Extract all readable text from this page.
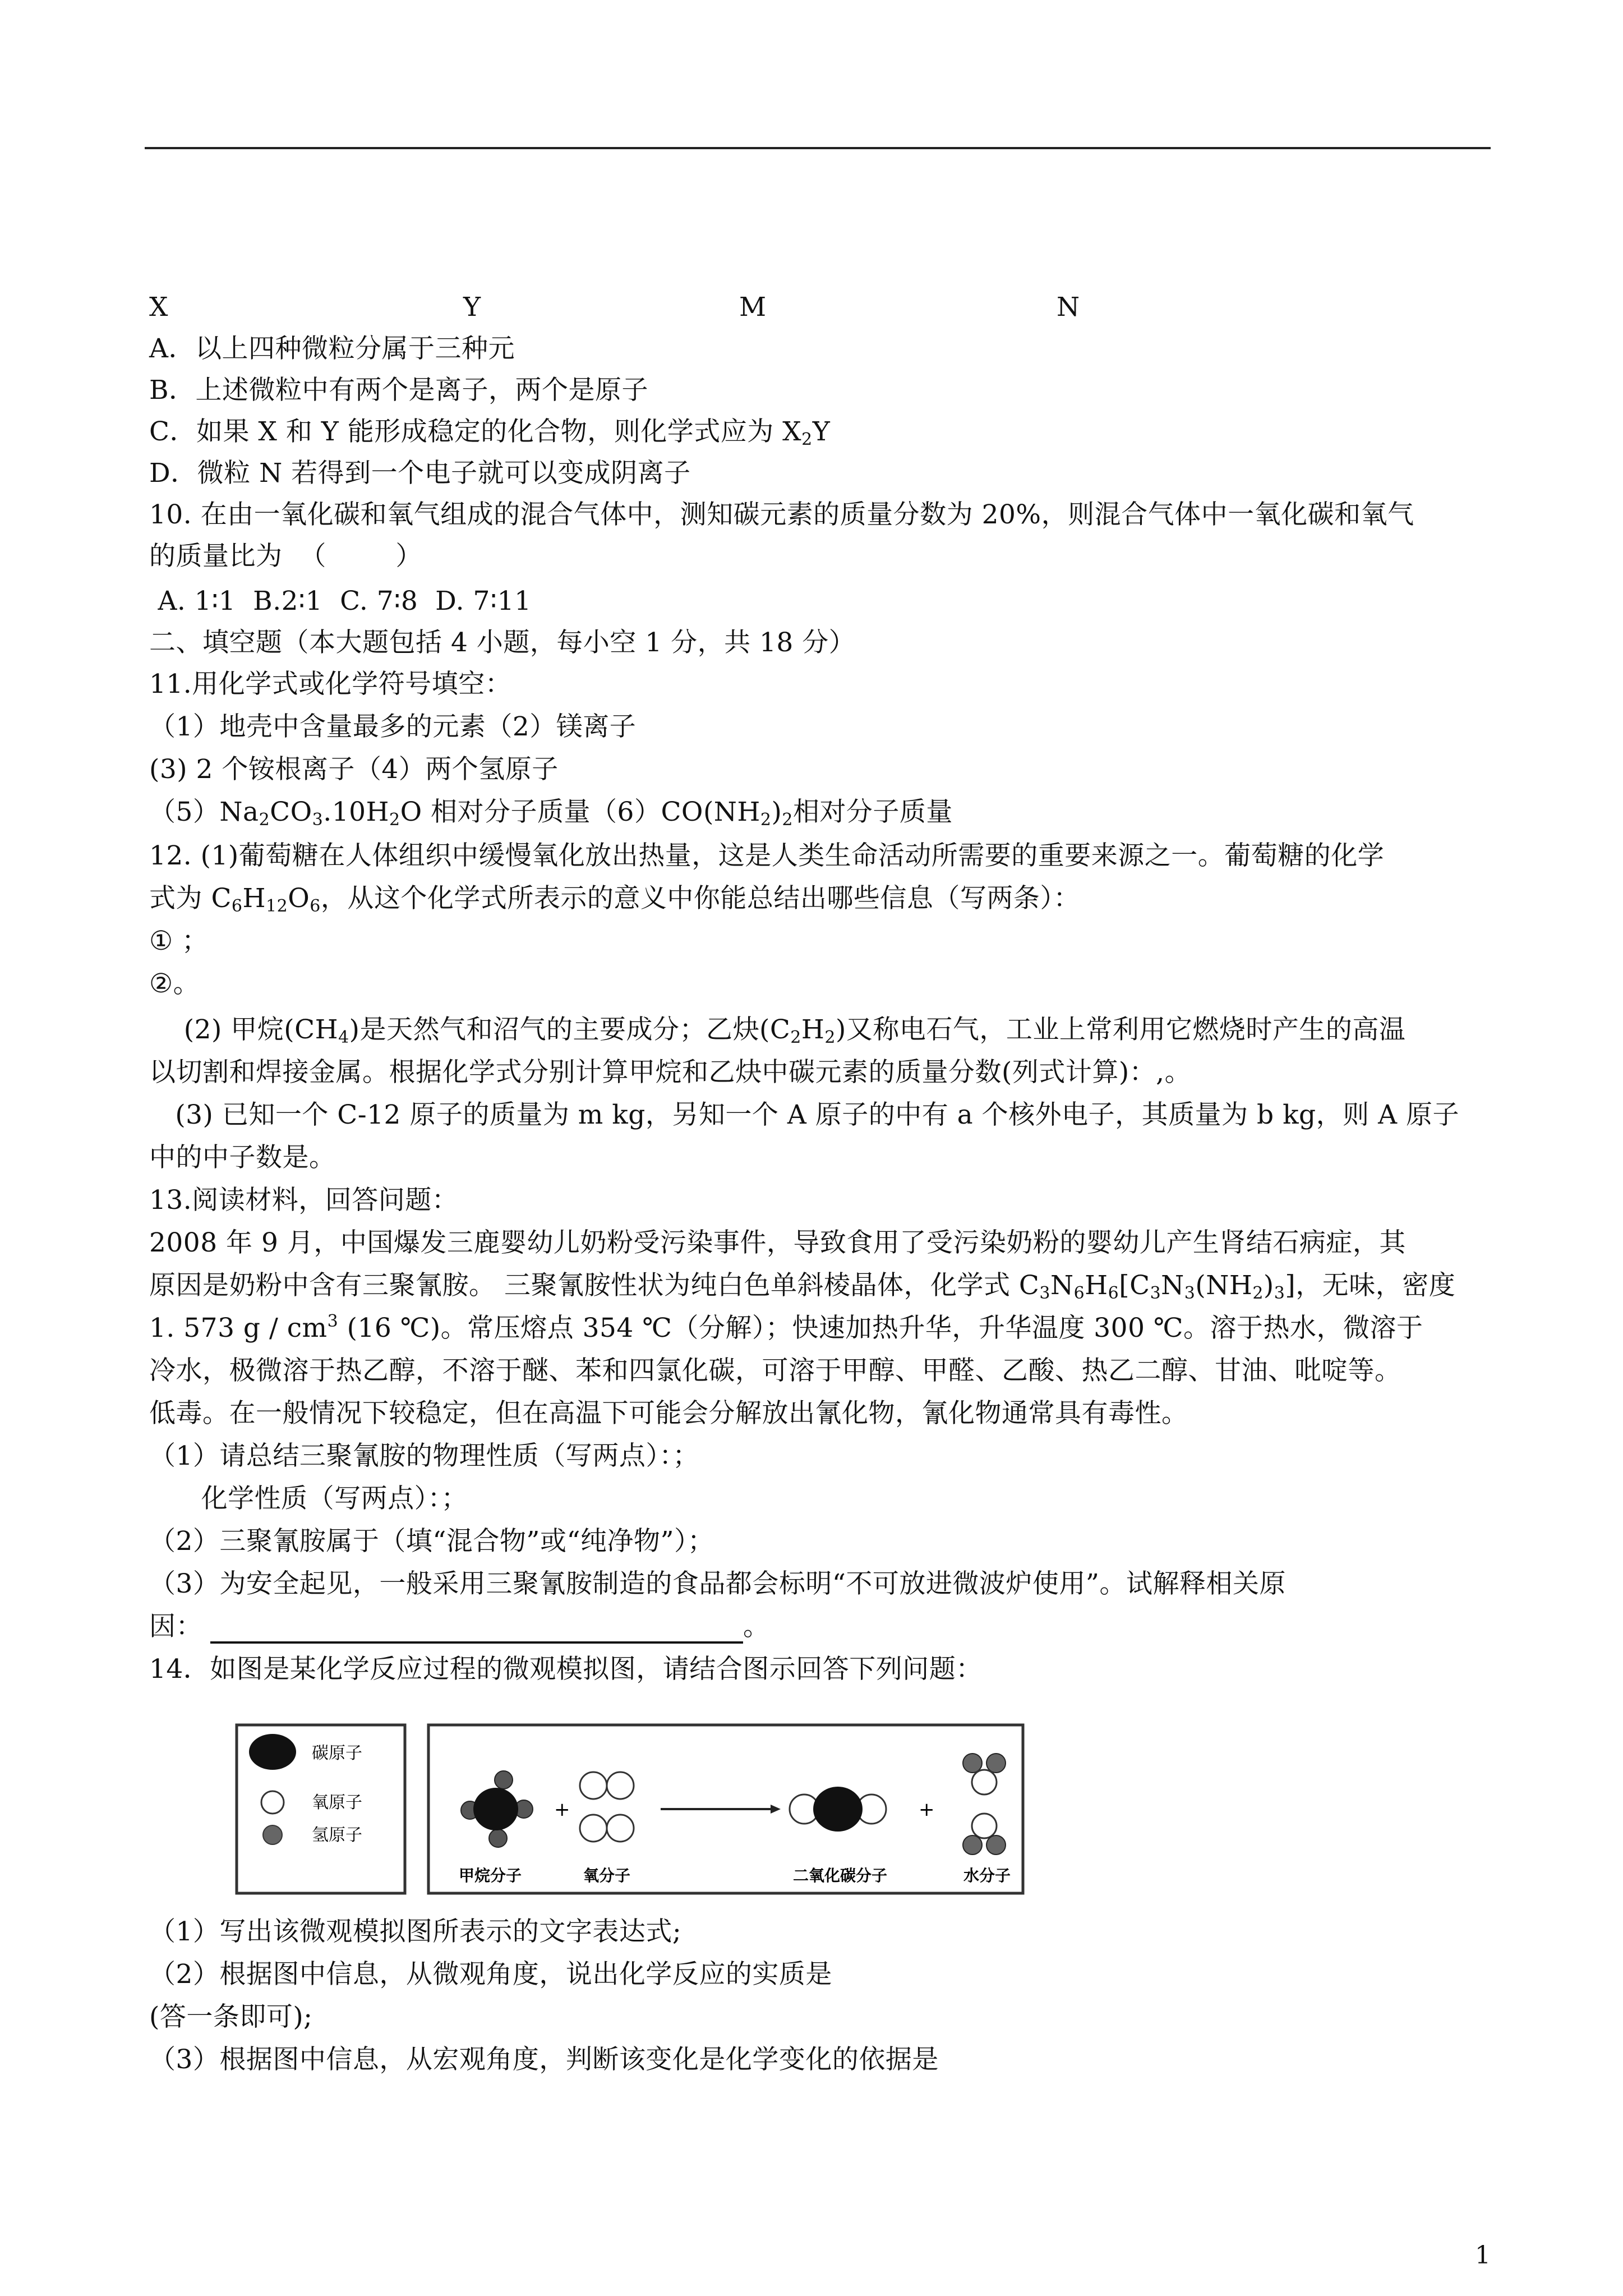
X	Y	M	N
A．以上四种微粒分属于三种元
B．上述微粒中有两个是离子，两个是原子
C．如果 X 和 Y 能形成稳定的化合物，则化学式应为 $X_2Y$
D．微粒 N 若得到一个电子就可以变成阴离子
10. 在由一氧化碳和氧气组成的混合气体中，测知碳元素的质量分数为 20%，则混合气体中一氧化碳和氧气
的质量比为  （        ）
A. 1∶1  B.2∶1  C. 7∶8  D. 7∶11
二、填空题（本大题包括 4 小题，每小空 1 分，共 18 分）
11.用化学式或化学符号填空：
（1）地壳中含量最多的元素（2）镁离子
(3) 2 个铵根离子（4）两个氢原子
$(5)Na_2CO_3.10H_2O$ 相对分子质量$(6)CO(NH_2)_2$相对分子质量
12. (1)葡萄糖在人体组织中缓慢氧化放出热量，这是人类生命活动所需要的重要来源之一。葡萄糖的化学
式为 $C_6H_{12}O_6$，从这个化学式所表示的意义中你能总结出哪些信息（写两条）：
① ；
②。
(2) 甲烷$(CH_4)$是天然气和沼气的主要成分；乙炔$(C_2H_2)$又称电石气，工业上常利用它燃烧时产生的高温
以切割和焊接金属。根据化学式分别计算甲烷和乙炔中碳元素的质量分数(列式计算)：,。
(3) 已知一个 C-12 原子的质量为 m kg，另知一个 A 原子的中有 a 个核外电子，其质量为 b kg，则 A 原子
中的中子数是。
13.阅读材料，回答问题：
2008 年 9 月，中国爆发三鹿婴幼儿奶粉受污染事件，导致食用了受污染奶粉的婴幼儿产生肾结石病症，其
原因是奶粉中含有三聚氰胺。 三聚氰胺性状为纯白色单斜棱晶体，化学式 $C_3N_6H_6[C_3N_3(NH_2)_3]$，无味，密度
1. 573 g / $cm^3$ (16 ℃)。常压熔点 354 ℃（分解）；快速加热升华，升华温度 300 ℃。溶于热水，微溶于
冷水，极微溶于热乙醇，不溶于醚、苯和四氯化碳，可溶于甲醇、甲醛、乙酸、热乙二醇、甘油、吡啶等。
低毒。在一般情况下较稳定，但在高温下可能会分解放出氰化物，氰化物通常具有毒性。
（1）请总结三聚氰胺的物理性质（写两点）：；
化学性质（写两点）：；
（2）三聚氰胺属于（填“混合物”或“纯净物”）；
（3）为安全起见，一般采用三聚氰胺制造的食品都会标明“不可放进微波炉使用”。试解释相关原
因：	。
14．如图是某化学反应过程的微观模拟图，请结合图示回答下列问题：
碳原子
氧原子
氢原子
+	+
甲烷分子	氧分子	二氧化碳分子	水分子
（1）写出该微观模拟图所表示的文字表达式;
（2）根据图中信息，从微观角度，说出化学反应的实质是
(答一条即可);
（3）根据图中信息，从宏观角度，判断该变化是化学变化的依据是
1
